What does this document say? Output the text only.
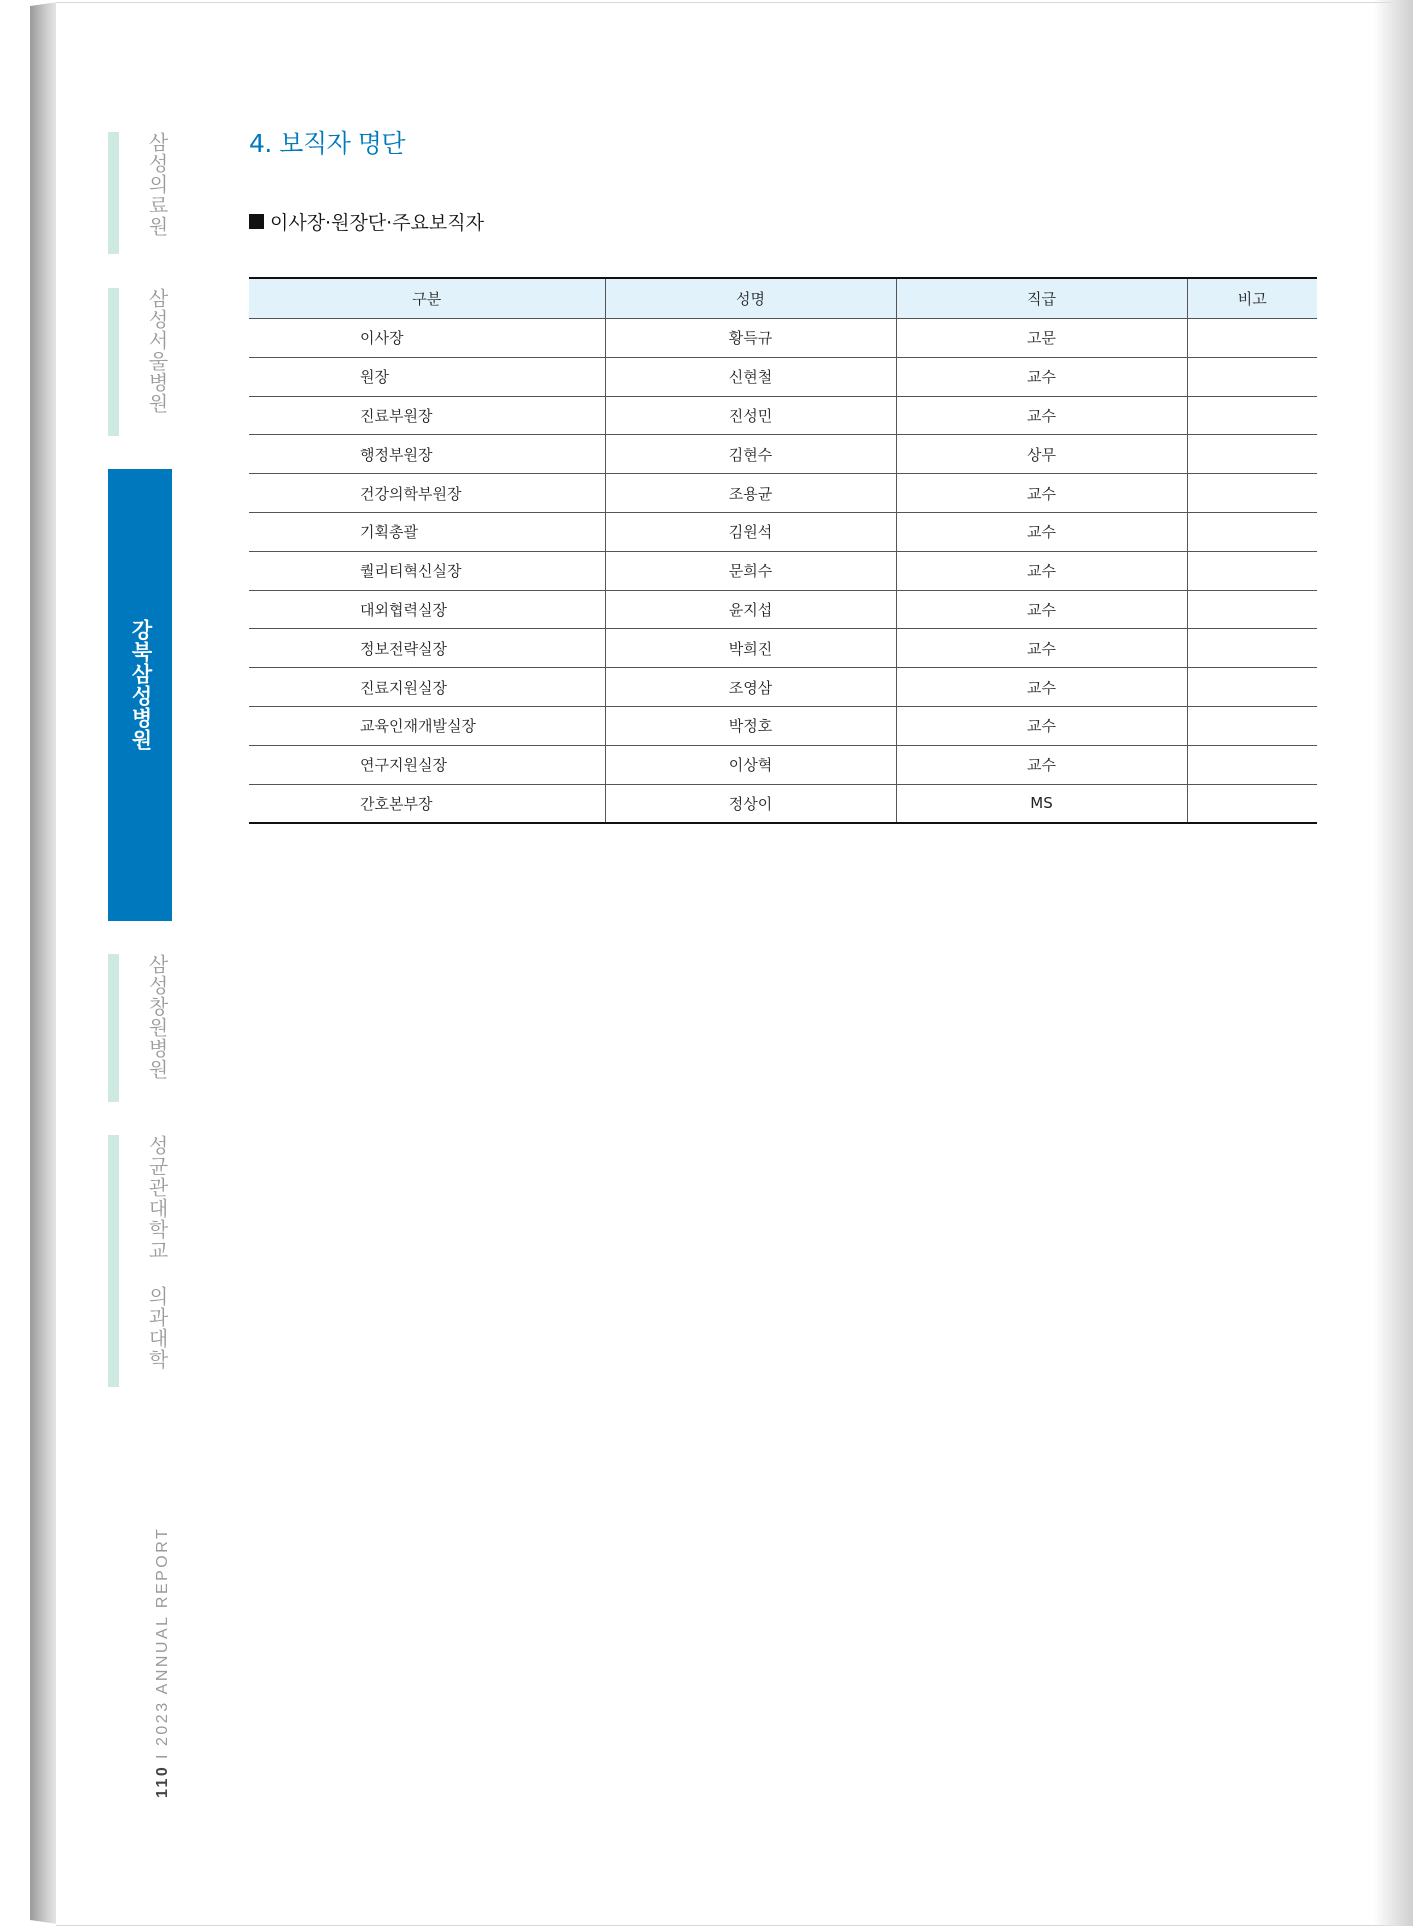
삼성의료원
삼성서울병원
강북삼성병원
삼성창원병원
성균관대학교 의과대학
110
I
2023 ANNUAL REPORT
4. 보직자 명단
이사장·원장단·주요보직자
구분	성명	직급	비고
이사장	황득규	고문	
원장	신현철	교수	
진료부원장	진성민	교수	
행정부원장	김현수	상무	
건강의학부원장	조용균	교수	
기획총괄	김원석	교수	
퀄리티혁신실장	문희수	교수	
대외협력실장	윤지섭	교수	
정보전략실장	박희진	교수	
진료지원실장	조영삼	교수	
교육인재개발실장	박정호	교수	
연구지원실장	이상혁	교수	
간호본부장	정상이	MS	
